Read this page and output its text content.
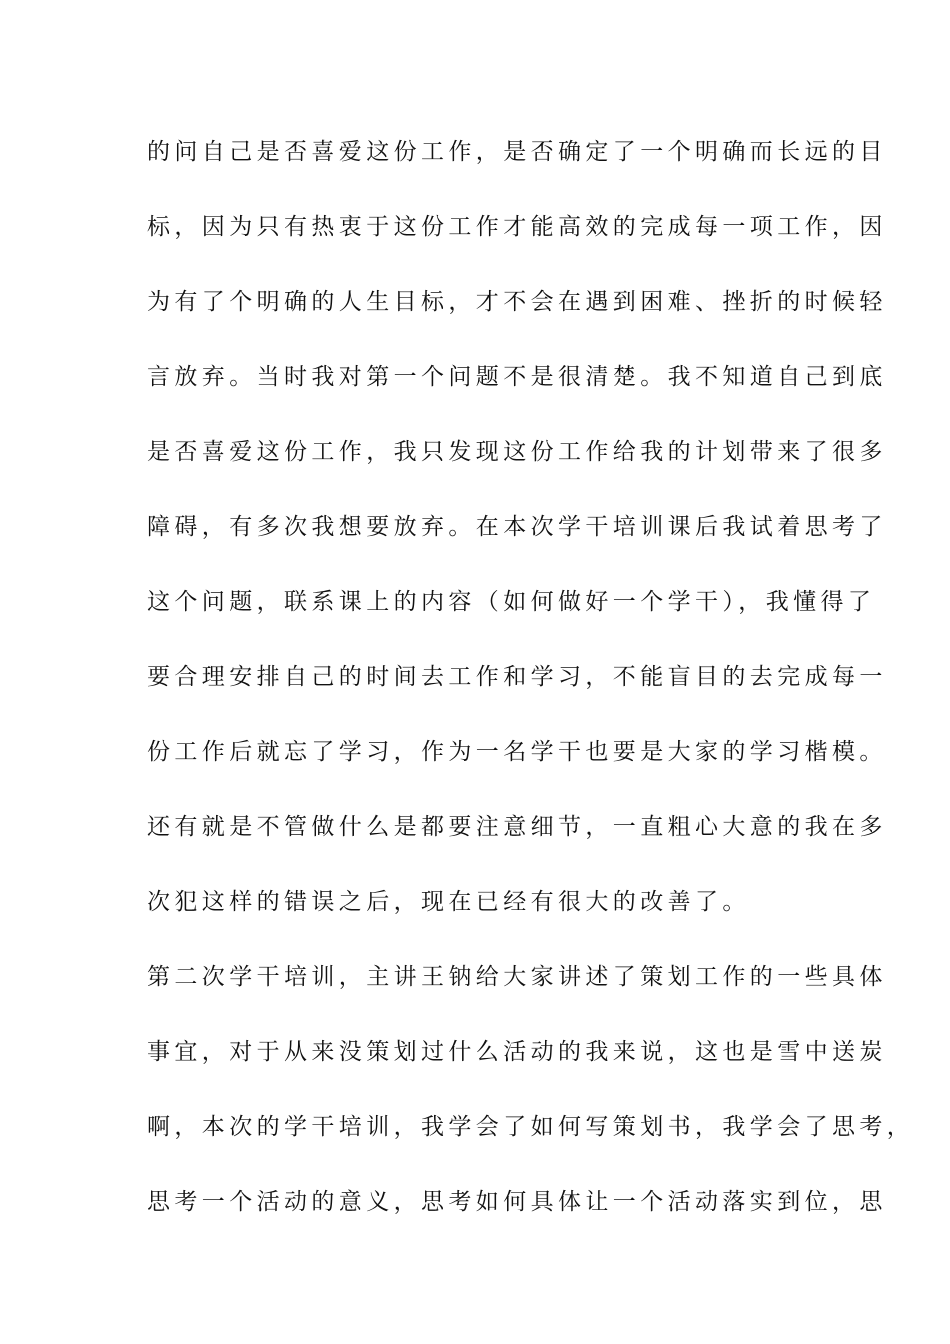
的问自己是否喜爱这份工作，是否确定了一个明确而长远的目
标，因为只有热衷于这份工作才能高效的完成每一项工作，因
为有了个明确的人生目标，才不会在遇到困难、挫折的时候轻
言放弃。当时我对第一个问题不是很清楚。我不知道自己到底
是否喜爱这份工作，我只发现这份工作给我的计划带来了很多
障碍，有多次我想要放弃。在本次学干培训课后我试着思考了
这个问题，联系课上的内容（如何做好一个学干），我懂得了
要合理安排自己的时间去工作和学习，不能盲目的去完成每一
份工作后就忘了学习，作为一名学干也要是大家的学习楷模。
还有就是不管做什么是都要注意细节，一直粗心大意的我在多
次犯这样的错误之后，现在已经有很大的改善了。
第二次学干培训，主讲王钠给大家讲述了策划工作的一些具体
事宜，对于从来没策划过什么活动的我来说，这也是雪中送炭
啊，本次的学干培训，我学会了如何写策划书，我学会了思考，
思考一个活动的意义，思考如何具体让一个活动落实到位，思
